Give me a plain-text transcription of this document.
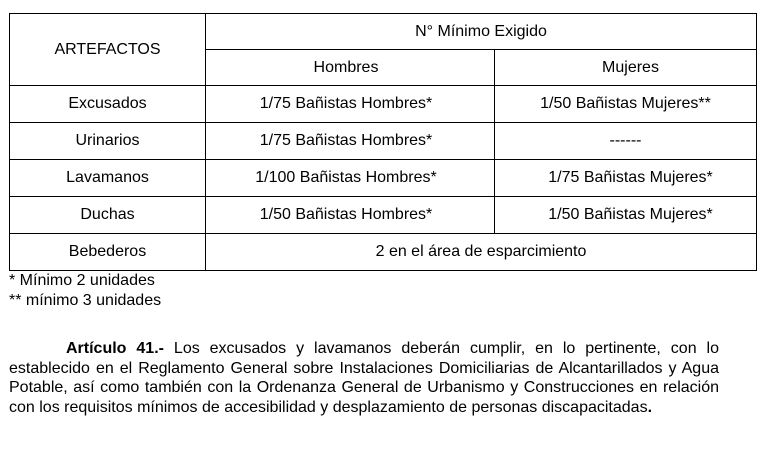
ARTEFACTOS	N° Mínimo Exigido	
	Hombres	Mujeres
Excusados	1/75 Bañistas Hombres*	1/50 Bañistas Mujeres**
Urinarios	1/75 Bañistas Hombres*	------
Lavamanos	1/100 Bañistas Hombres*	1/75 Bañistas Mujeres*
Duchas	1/50 Bañistas Hombres*	1/50 Bañistas Mujeres*
Bebederos	2 en el área de esparcimiento	
* Mínimo 2 unidades
** mínimo 3 unidades
Artículo 41.- Los excusados y lavamanos deberán cumplir, en lo pertinente, con lo establecido en el Reglamento General sobre Instalaciones Domiciliarias de Alcantarillados y Agua Potable, así como también con la Ordenanza General de Urbanismo y Construcciones en relación con los requisitos mínimos de accesibilidad y desplazamiento de personas discapacitadas.
